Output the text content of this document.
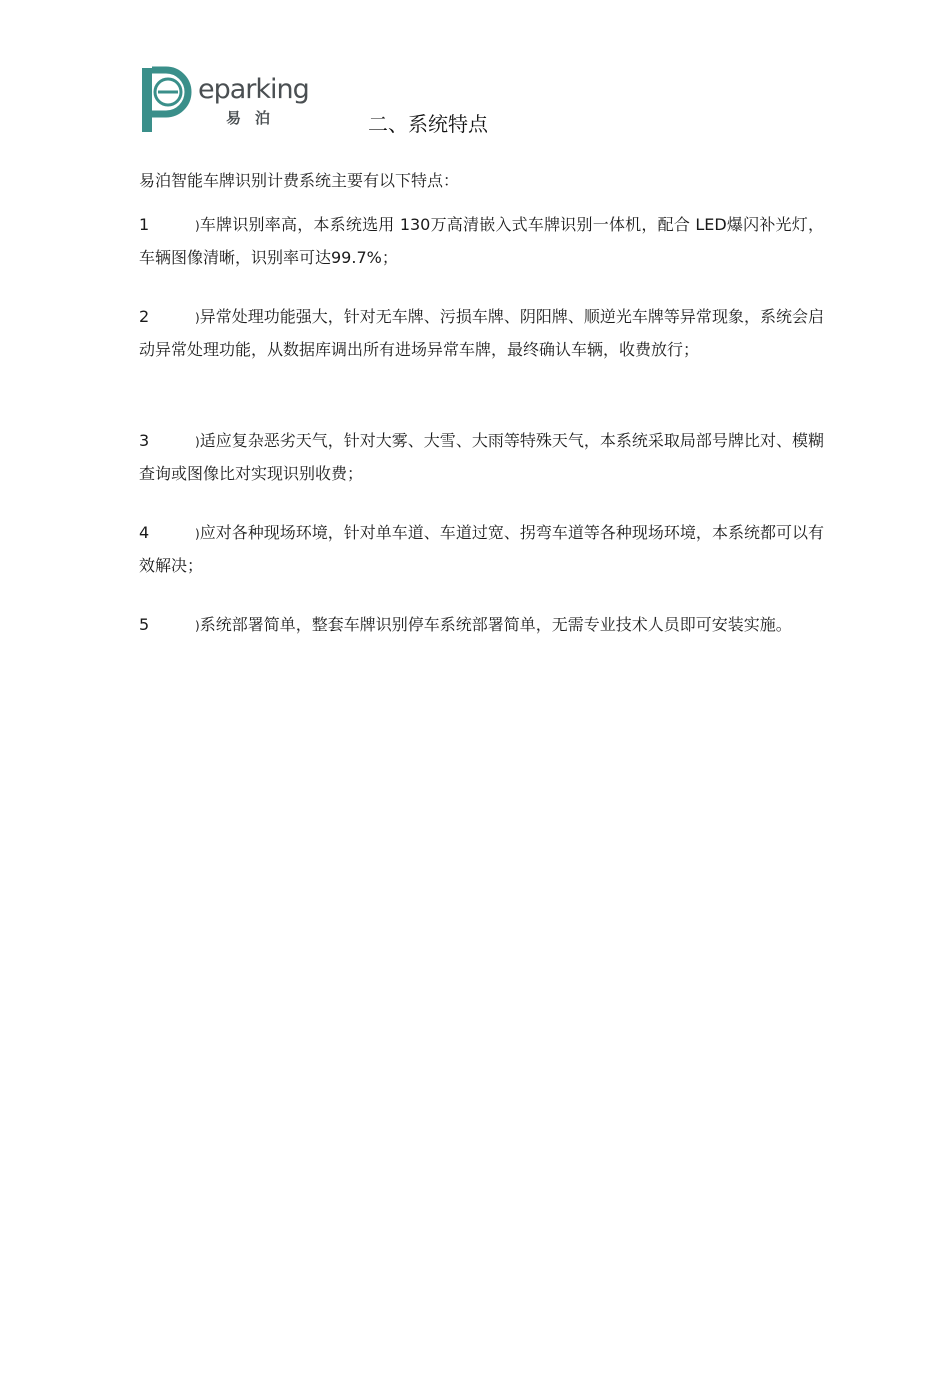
eparking
易泊	二、系统特点

易泊智能车牌识别计费系统主要有以下特点：

1	)车牌识别率高，本系统选用 130万高清嵌入式车牌识别一体机，配合 LED爆闪补光灯，车辆图像清晰，识别率可达99.7%；

2	)异常处理功能强大，针对无车牌、污损车牌、阴阳牌、顺逆光车牌等异常现象，系统会启动异常处理功能，从数据库调出所有进场异常车牌，最终确认车辆，收费放行；

3	)适应复杂恶劣天气，针对大雾、大雪、大雨等特殊天气，本系统采取局部号牌比对、模糊查询或图像比对实现识别收费；

4	)应对各种现场环境，针对单车道、车道过宽、拐弯车道等各种现场环境，本系统都可以有效解决；

5	)系统部署简单，整套车牌识别停车系统部署简单，无需专业技术人员即可安装实施。
